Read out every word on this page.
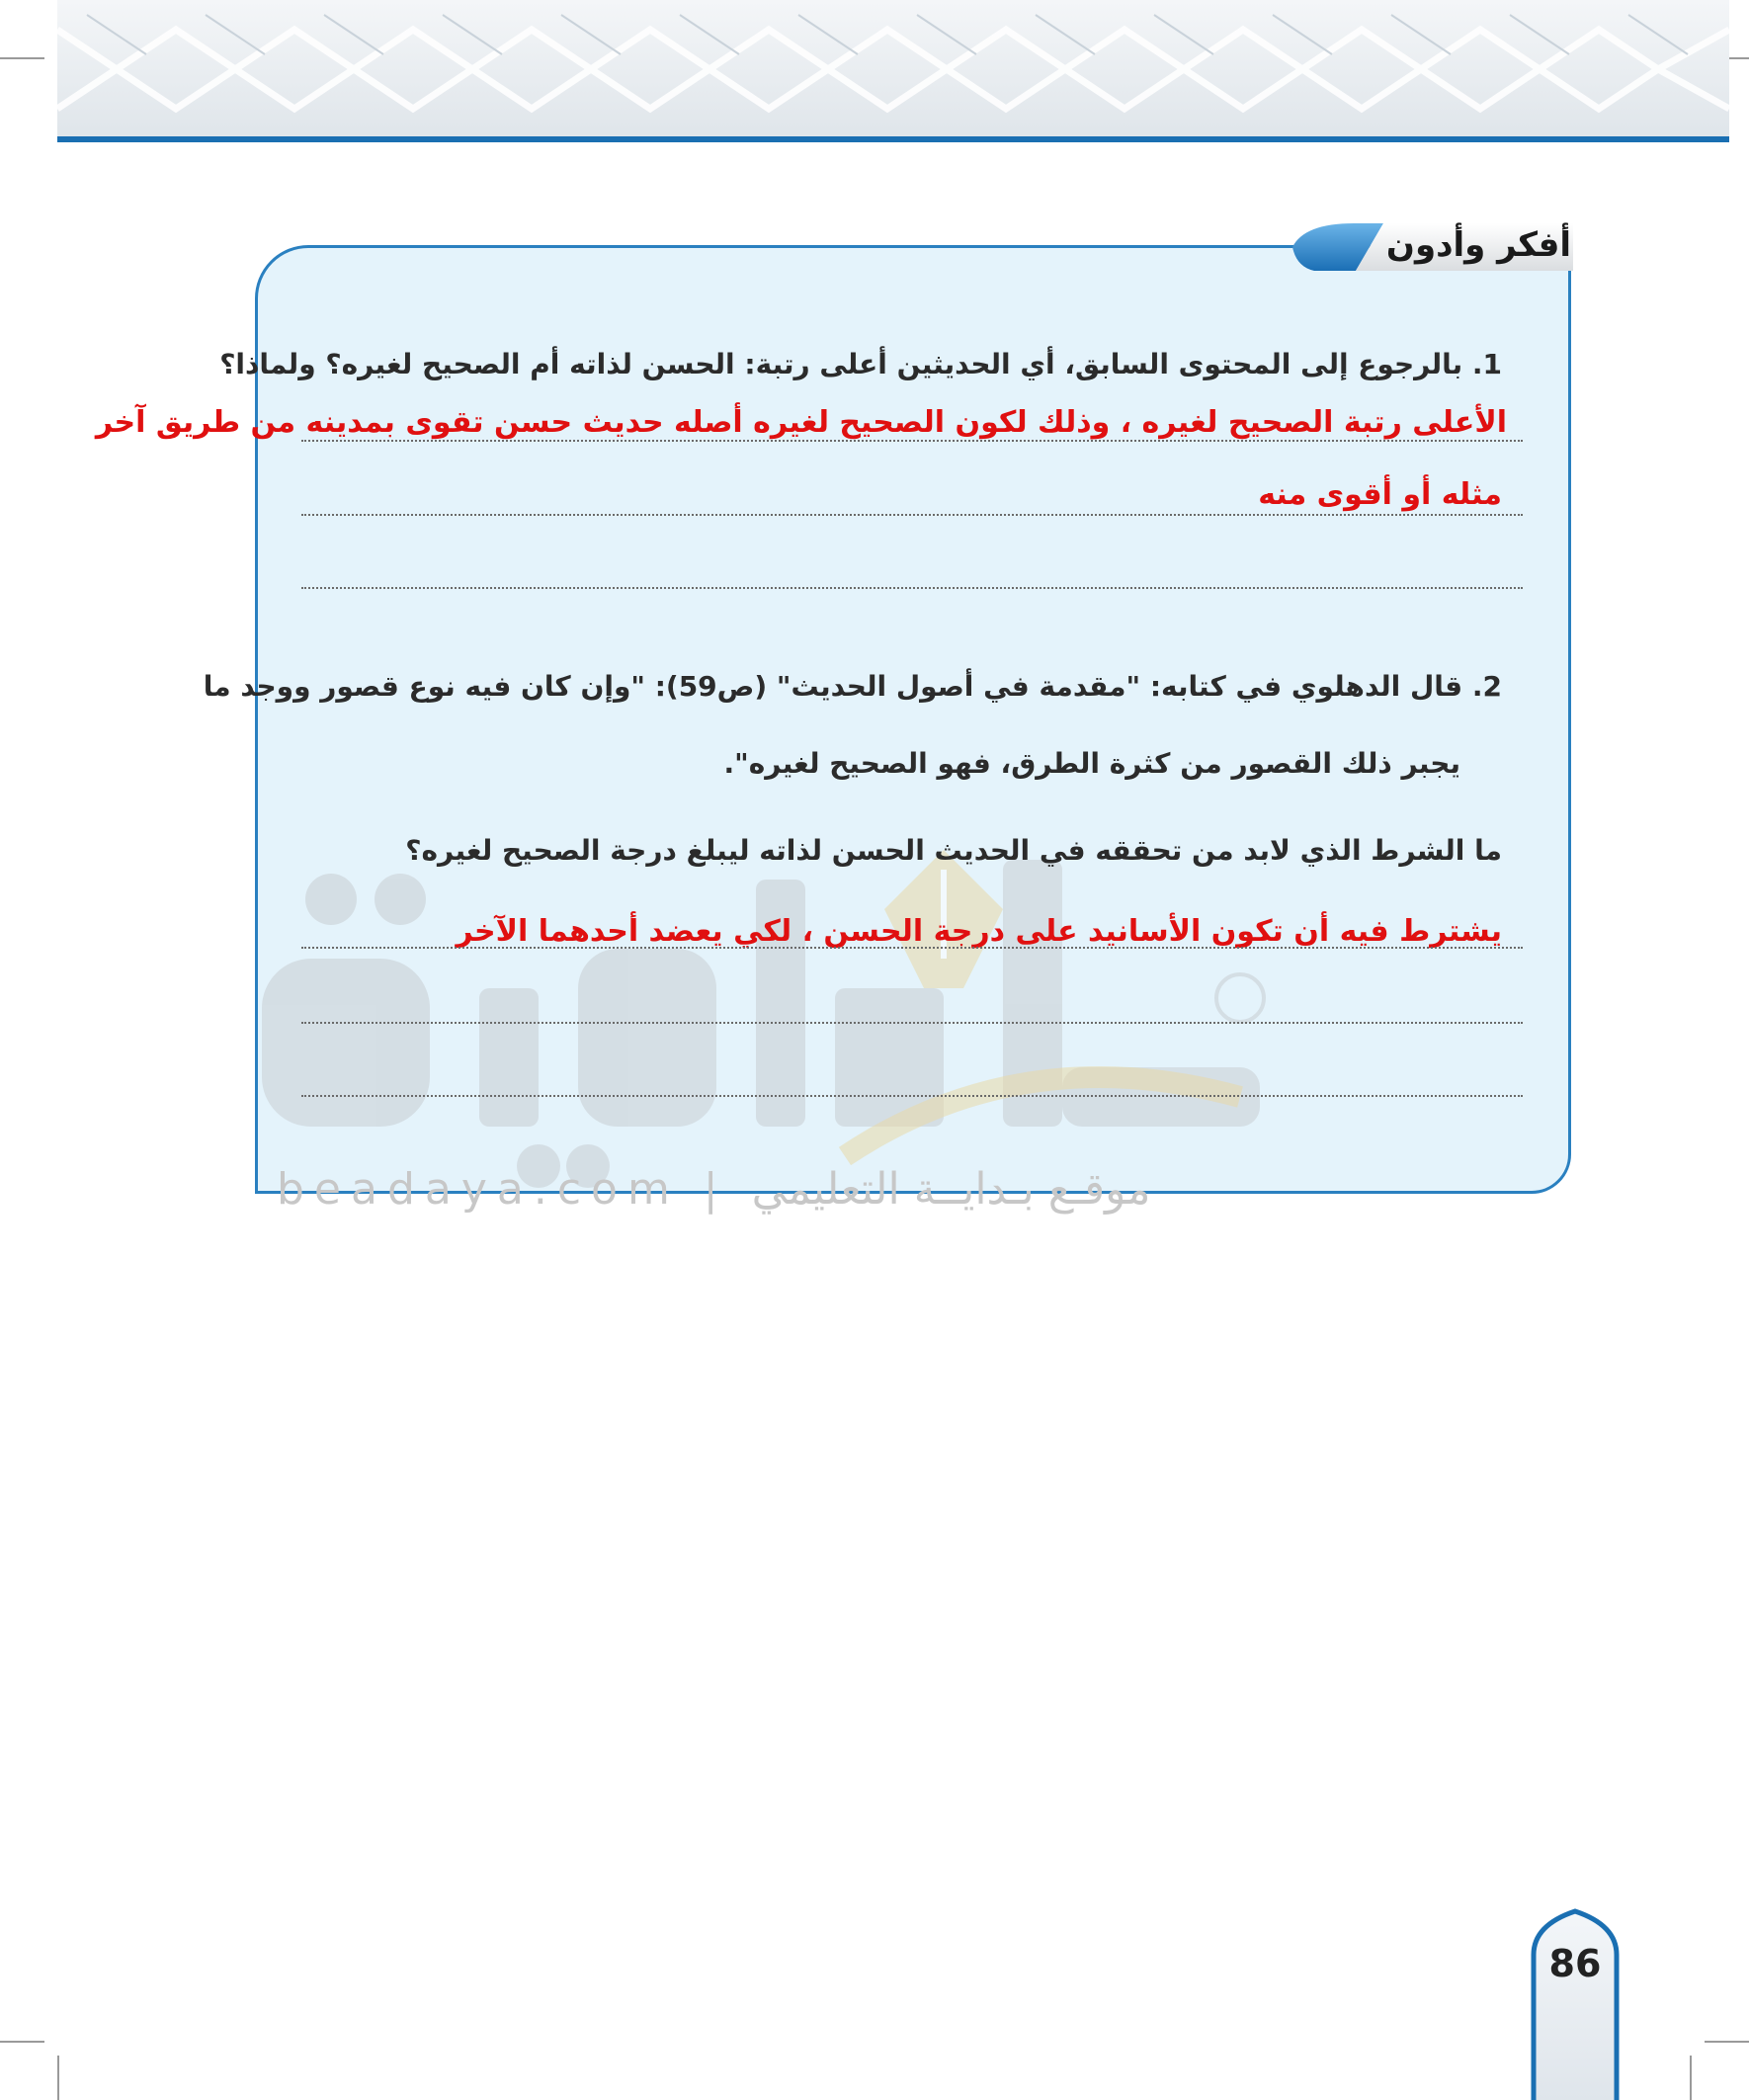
beadaya.com | موقـع بـدايــة التعليمي
أفكر وأدون
1. بالرجوع إلى المحتوى السابق، أي الحديثين أعلى رتبة: الحسن لذاته أم الصحيح لغيره؟ ولماذا؟
الأعلى رتبة الصحيح لغيره ، وذلك لكون الصحيح لغيره أصله حديث حسن تقوى بمدينه من طريق آخر
مثله أو أقوى منه
2. قال الدهلوي في كتابه: "مقدمة في أصول الحديث" (ص59): "وإن كان فيه نوع قصور ووجد ما
يجبر ذلك القصور من كثرة الطرق، فهو الصحيح لغيره".
ما الشرط الذي لابد من تحققه في الحديث الحسن لذاته ليبلغ درجة الصحيح لغيره؟
يشترط فيه أن تكون الأسانيد على درجة الحسن ، لكي يعضد أحدهما الآخر
86
